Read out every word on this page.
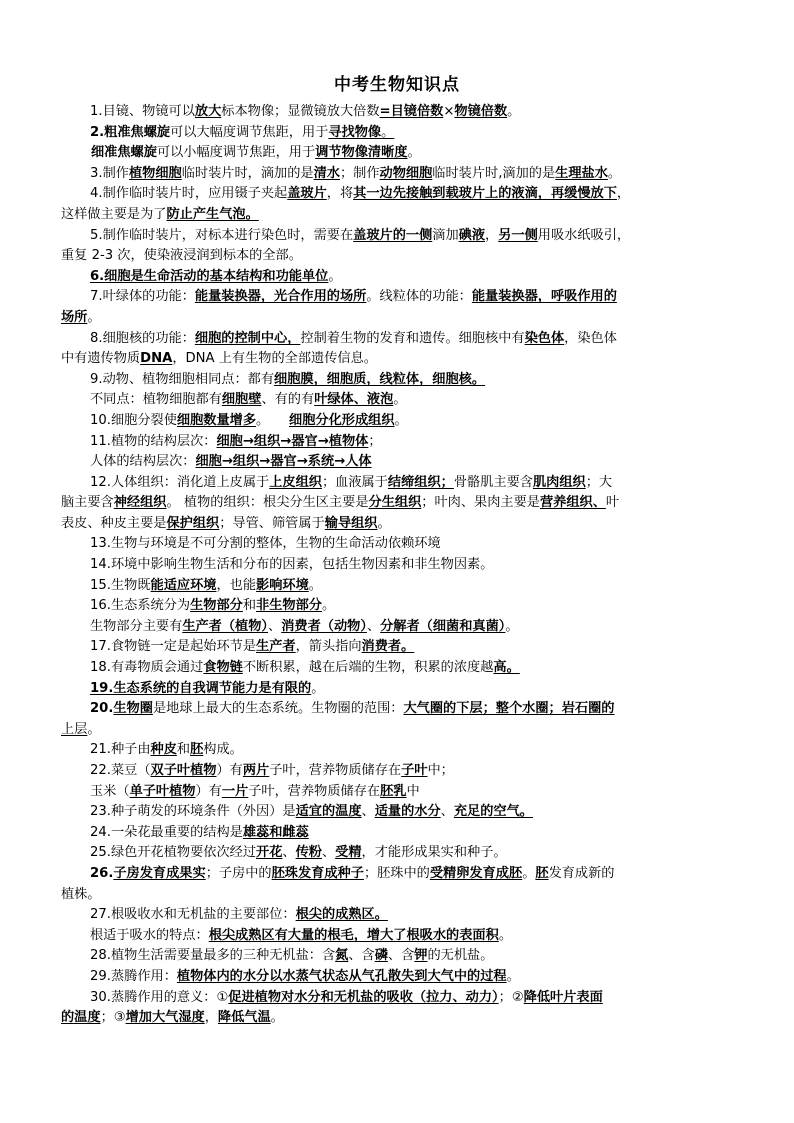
中考生物知识点
1.目镜、物镜可以放大标本物像；显微镜放大倍数=目镜倍数×物镜倍数。
2.粗准焦螺旋可以大幅度调节焦距，用于寻找物像。
细准焦螺旋可以小幅度调节焦距，用于调节物像清晰度。
3.制作植物细胞临时装片时，滴加的是清水；制作动物细胞临时装片时,滴加的是生理盐水。
4.制作临时装片时，应用镊子夹起盖玻片，将其一边先接触到载玻片上的液滴，再缓慢放下，
这样做主要是为了防止产生气泡。
5.制作临时装片，对标本进行染色时，需要在盖玻片的一侧滴加碘液，另一侧用吸水纸吸引，
重复 2-3 次，使染液浸润到标本的全部。
6.细胞是生命活动的基本结构和功能单位。
7.叶绿体的功能：能量装换器，光合作用的场所。线粒体的功能：能量装换器，呼吸作用的
场所。
8.细胞核的功能：细胞的控制中心，控制着生物的发育和遗传。细胞核中有染色体，染色体
中有遗传物质DNA，DNA 上有生物的全部遗传信息。
9.动物、植物细胞相同点：都有细胞膜，细胞质，线粒体，细胞核。
不同点：植物细胞都有细胞壁、有的有叶绿体、液泡。
10.细胞分裂使细胞数量增多。　　细胞分化形成组织。
11.植物的结构层次：细胞→组织→器官→植物体；
人体的结构层次：细胞→组织→器官→系统→人体
12.人体组织：消化道上皮属于上皮组织；血液属于结缔组织；骨骼肌主要含肌肉组织；大
脑主要含神经组织。 植物的组织：根尖分生区主要是分生组织；叶肉、果肉主要是营养组织、叶
表皮、种皮主要是保护组织；导管、筛管属于输导组织。
13.生物与环境是不可分割的整体，生物的生命活动依赖环境
14.环境中影响生物生活和分布的因素，包括生物因素和非生物因素。
15.生物既能适应环境，也能影响环境。
16.生态系统分为生物部分和非生物部分。
生物部分主要有生产者（植物）、消费者（动物）、分解者（细菌和真菌）。
17.食物链一定是起始环节是生产者，箭头指向消费者。
18.有毒物质会通过食物链不断积累，越在后端的生物，积累的浓度越高。
19.生态系统的自我调节能力是有限的。
20.生物圈是地球上最大的生态系统。生物圈的范围：大气圈的下层；整个水圈；岩石圈的
上层。
21.种子由种皮和胚构成。
22.菜豆（双子叶植物）有两片子叶，营养物质储存在子叶中；
玉米（单子叶植物）有一片子叶，营养物质储存在胚乳中
23.种子萌发的环境条件（外因）是适宜的温度、适量的水分、充足的空气。
24.一朵花最重要的结构是雄蕊和雌蕊
25.绿色开花植物要依次经过开花、传粉、受精，才能形成果实和种子。
26.子房发育成果实；子房中的胚珠发育成种子；胚珠中的受精卵发育成胚。胚发育成新的
植株。
27.根吸收水和无机盐的主要部位：根尖的成熟区。
根适于吸水的特点：根尖成熟区有大量的根毛，增大了根吸水的表面积。
28.植物生活需要量最多的三种无机盐：含氮、含磷、含钾的无机盐。
29.蒸腾作用：植物体内的水分以水蒸气状态从气孔散失到大气中的过程。
30.蒸腾作用的意义：①促进植物对水分和无机盐的吸收（拉力、动力）；②降低叶片表面
的温度；③增加大气湿度，降低气温。
